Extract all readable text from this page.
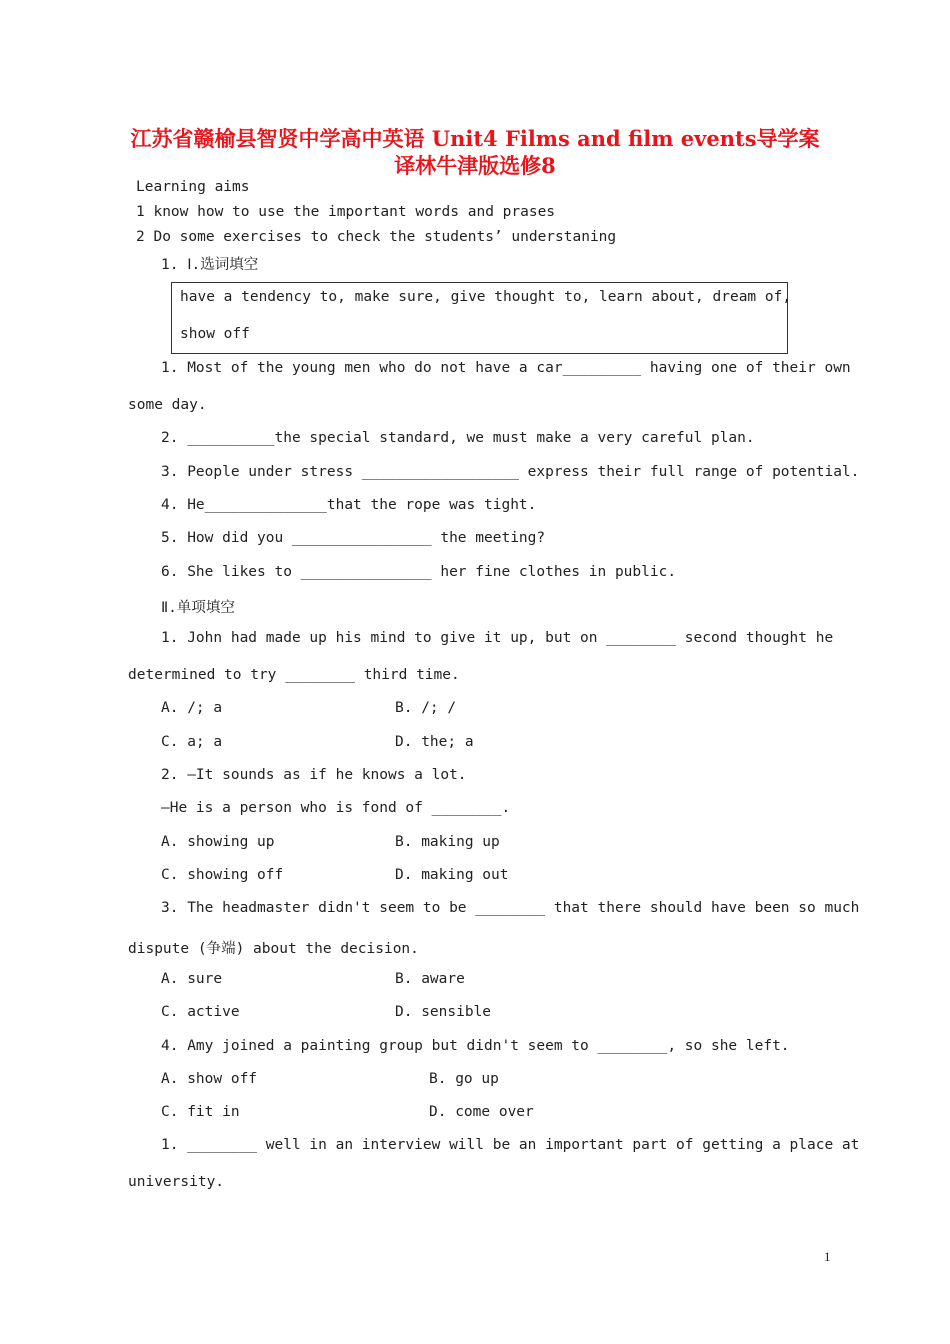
江苏省赣榆县智贤中学高中英语 Unit4 Films and film events导学案
译林牛津版选修8
Learning aims
1 know how to use the important words and prases
2 Do some exercises to check the students’ understaning
1. Ⅰ.选词填空
have a tendency to, make sure, give thought to, learn about, dream of,
show off
1. Most of the young men who do not have a car_________ having one of their own
some day.
2. __________the special standard, we must make a very careful plan.
3. People under stress __________________ express their full range of potential.
4. He______________that the rope was tight.
5. How did you ________________ the meeting?
6. She likes to _______________ her fine clothes in public.
Ⅱ.单项填空
1. John had made up his mind to give it up, but on ________ second thought he
determined to try ________ third time.
A. /; a	B. /; /
C. a; a	D. the; a
2. —It sounds as if he knows a lot.
—He is a person who is fond of ________.
A. showing up	B. making up
C. showing off	D. making out
3. The headmaster didn't seem to be ________ that there should have been so much
dispute (争端) about the decision.
A. sure	B. aware
C. active	D. sensible
4. Amy joined a painting group but didn't seem to ________, so she left.
A. show off	B. go up
C. fit in	D. come over
1. ________ well in an interview will be an important part of getting a place at
university.
1
